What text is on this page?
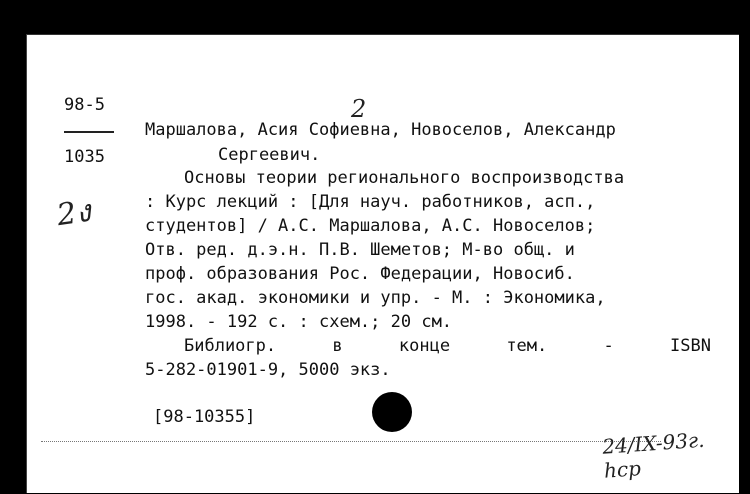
98-5
1035
2
2ง
Маршалова, Асия Софиевна, Новоселов, Александр
Сергеевич.
Основы теории регионального воспроизводства
: Курс лекций : [Для науч. работников, асп.,
студентов] / А.С. Маршалова, А.С. Новоселов;
Отв. ред. д.э.н. П.В. Шеметов; М-во общ. и
проф. образования Рос. Федерации, Новосиб.
гос. акад. экономики и упр. - М. : Экономика,
1998. - 192 с. : схем.; 20 см.
Библиогр.	в	конце	тем.	-	ISBN
5-282-01901-9, 5000 экз.
[98-10355]
24/IX-93г. hcp
